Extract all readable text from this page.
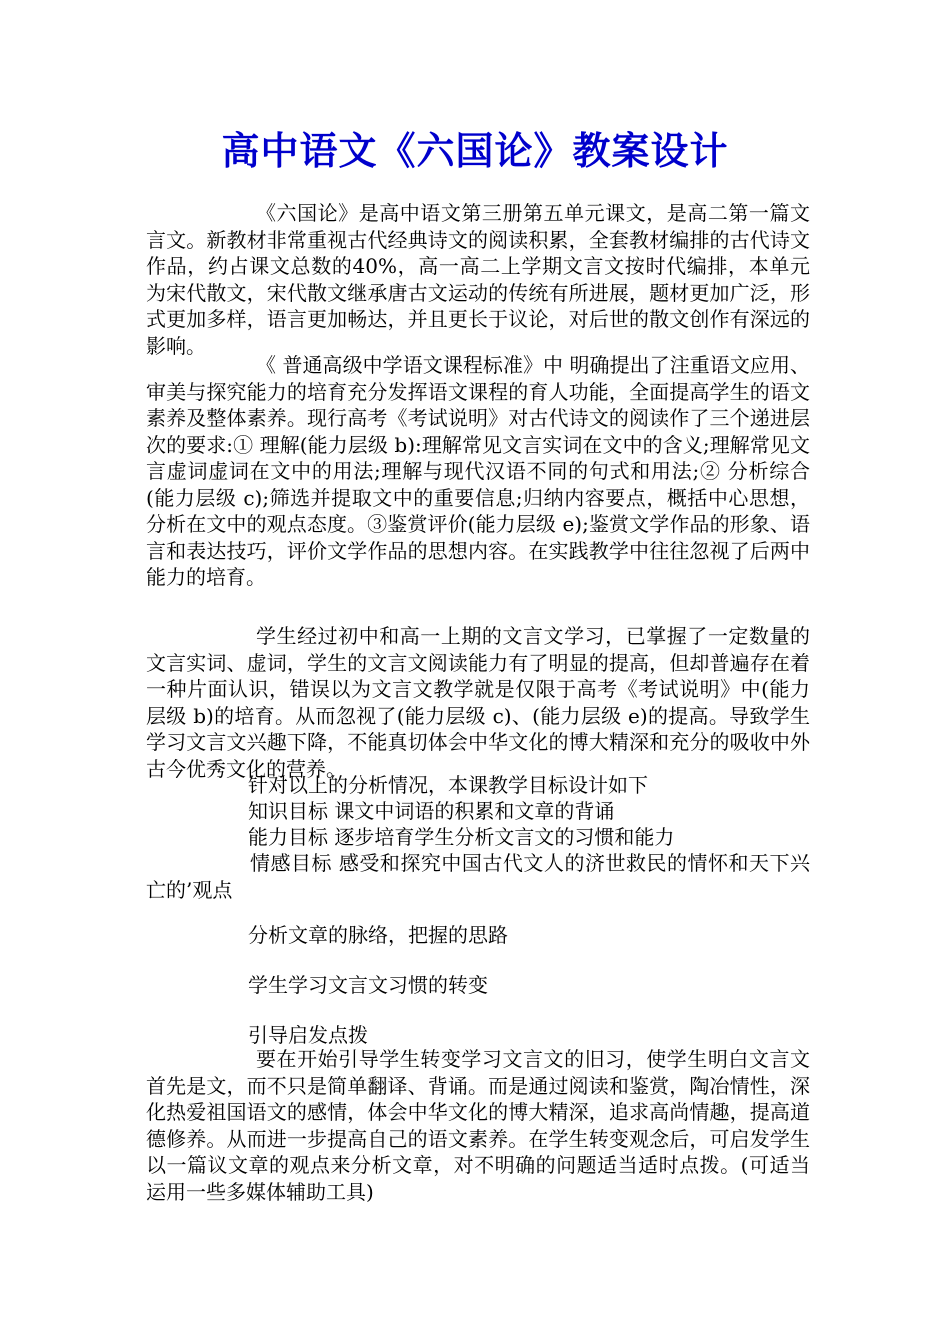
高中语文《六国论》教案设计

《六国论》是高中语文第三册第五单元课文，是高二第一篇文言文。新教材非常重视古代经典诗文的阅读积累，全套教材编排的古代诗文作品，约占课文总数的40%，高一高二上学期文言文按时代编排，本单元为宋代散文，宋代散文继承唐古文运动的传统有所进展，题材更加广泛，形式更加多样，语言更加畅达，并且更长于议论，对后世的散文创作有深远的影响。

《 普通高级中学语文课程标准》中 明确提出了注重语文应用、审美与探究能力的培育充分发挥语文课程的育人功能，全面提高学生的语文素养及整体素养。现行高考《考试说明》对古代诗文的阅读作了三个递进层次的要求:① 理解(能力层级 b):理解常见文言实词在文中的含义;理解常见文言虚词虚词在文中的用法;理解与现代汉语不同的句式和用法;② 分析综合(能力层级 c);筛选并提取文中的重要信息;归纳内容要点，概括中心思想，分析在文中的观点态度。③鉴赏评价(能力层级 e);鉴赏文学作品的形象、语言和表达技巧，评价文学作品的思想内容。在实践教学中往往忽视了后两中能力的培育。

学生经过初中和高一上期的文言文学习，已掌握了一定数量的文言实词、虚词，学生的文言文阅读能力有了明显的提高，但却普遍存在着一种片面认识，错误以为文言文教学就是仅限于高考《考试说明》中(能力层级 b)的培育。从而忽视了(能力层级 c)、(能力层级 e)的提高。导致学生学习文言文兴趣下降，不能真切体会中华文化的博大精深和充分的吸收中外古今优秀文化的营养。

针对以上的分析情况，本课教学目标设计如下
知识目标 课文中词语的积累和文章的背诵
能力目标 逐步培育学生分析文言文的习惯和能力

情感目标 感受和探究中国古代文人的济世救民的情怀和天下兴亡的’观点

分析文章的脉络，把握的思路
学生学习文言文习惯的转变
引导启发点拨

要在开始引导学生转变学习文言文的旧习，使学生明白文言文首先是文，而不只是简单翻译、背诵。而是通过阅读和鉴赏，陶冶情性，深化热爱祖国语文的感情，体会中华文化的博大精深，追求高尚情趣，提高道德修养。从而进一步提高自己的语文素养。在学生转变观念后，可启发学生以一篇议文章的观点来分析文章，对不明确的问题适当适时点拨。(可适当运用一些多媒体辅助工具)
